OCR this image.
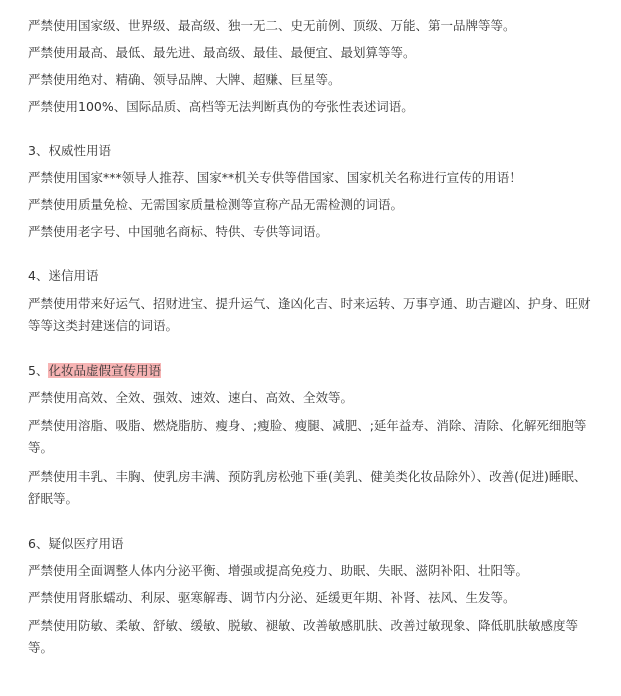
严禁使用国家级、世界级、最高级、独一无二、史无前例、顶级、万能、第一品牌等等。

严禁使用最高、最低、最先进、最高级、最佳、最便宜、最划算等等。

严禁使用绝对、精确、领导品牌、大牌、超赚、巨星等。

严禁使用100%、国际品质、高档等无法判断真伪的夸张性表述词语。

3、权威性用语

严禁使用国家***领导人推荐、国家**机关专供等借国家、国家机关名称进行宣传的用语！

严禁使用质量免检、无需国家质量检测等宣称产品无需检测的词语。

严禁使用老字号、中国驰名商标、特供、专供等词语。

4、迷信用语

严禁使用带来好运气、招财进宝、提升运气、逢凶化吉、时来运转、万事亨通、助吉避凶、护身、旺财等等这类封建迷信的词语。

5、化妆品虚假宣传用语

严禁使用高效、全效、强效、速效、速白、高效、全效等。

严禁使用溶脂、吸脂、燃烧脂肪、瘦身、;瘦脸、瘦腿、减肥、;延年益寿、消除、清除、化解死细胞等等。

严禁使用丰乳、丰胸、使乳房丰满、预防乳房松弛下垂(美乳、健美类化妆品除外）、改善(促进)睡眠、舒眠等。

6、疑似医疗用语

严禁使用全面调整人体内分泌平衡、增强或提高免疫力、助眠、失眠、滋阴补阳、壮阳等。

严禁使用肾胀蠕动、利尿、驱寒解毒、调节内分泌、延缓更年期、补肾、祛风、生发等。

严禁使用防敏、柔敏、舒敏、缓敏、脱敏、褪敏、改善敏感肌肤、改善过敏现象、降低肌肤敏感度等等。
